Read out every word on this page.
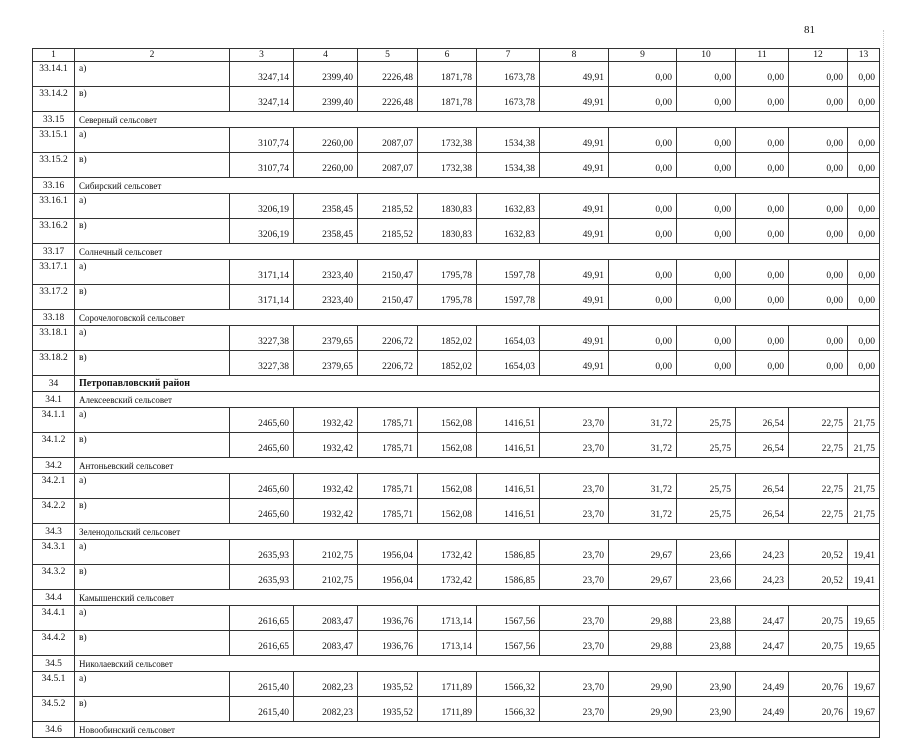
81
1	2	3	4	5	6	7	8	9	10	11	12	13
33.14.1	а)	3247,14	2399,40	2226,48	1871,78	1673,78	49,91	0,00	0,00	0,00	0,00	0,00
33.14.2	в)	3247,14	2399,40	2226,48	1871,78	1673,78	49,91	0,00	0,00	0,00	0,00	0,00
33.15	Северный сельсовет											
33.15.1	а)	3107,74	2260,00	2087,07	1732,38	1534,38	49,91	0,00	0,00	0,00	0,00	0,00
33.15.2	в)	3107,74	2260,00	2087,07	1732,38	1534,38	49,91	0,00	0,00	0,00	0,00	0,00
33.16	Сибирский сельсовет											
33.16.1	а)	3206,19	2358,45	2185,52	1830,83	1632,83	49,91	0,00	0,00	0,00	0,00	0,00
33.16.2	в)	3206,19	2358,45	2185,52	1830,83	1632,83	49,91	0,00	0,00	0,00	0,00	0,00
33.17	Солнечный сельсовет											
33.17.1	а)	3171,14	2323,40	2150,47	1795,78	1597,78	49,91	0,00	0,00	0,00	0,00	0,00
33.17.2	в)	3171,14	2323,40	2150,47	1795,78	1597,78	49,91	0,00	0,00	0,00	0,00	0,00
33.18	Сорочелоговской сельсовет											
33.18.1	а)	3227,38	2379,65	2206,72	1852,02	1654,03	49,91	0,00	0,00	0,00	0,00	0,00
33.18.2	в)	3227,38	2379,65	2206,72	1852,02	1654,03	49,91	0,00	0,00	0,00	0,00	0,00
34	Петропавловский район											
34.1	Алексеевский сельсовет											
34.1.1	а)	2465,60	1932,42	1785,71	1562,08	1416,51	23,70	31,72	25,75	26,54	22,75	21,75
34.1.2	в)	2465,60	1932,42	1785,71	1562,08	1416,51	23,70	31,72	25,75	26,54	22,75	21,75
34.2	Антоньевский сельсовет											
34.2.1	а)	2465,60	1932,42	1785,71	1562,08	1416,51	23,70	31,72	25,75	26,54	22,75	21,75
34.2.2	в)	2465,60	1932,42	1785,71	1562,08	1416,51	23,70	31,72	25,75	26,54	22,75	21,75
34.3	Зеленодольский сельсовет											
34.3.1	а)	2635,93	2102,75	1956,04	1732,42	1586,85	23,70	29,67	23,66	24,23	20,52	19,41
34.3.2	в)	2635,93	2102,75	1956,04	1732,42	1586,85	23,70	29,67	23,66	24,23	20,52	19,41
34.4	Камышенский сельсовет											
34.4.1	а)	2616,65	2083,47	1936,76	1713,14	1567,56	23,70	29,88	23,88	24,47	20,75	19,65
34.4.2	в)	2616,65	2083,47	1936,76	1713,14	1567,56	23,70	29,88	23,88	24,47	20,75	19,65
34.5	Николаевский сельсовет											
34.5.1	а)	2615,40	2082,23	1935,52	1711,89	1566,32	23,70	29,90	23,90	24,49	20,76	19,67
34.5.2	в)	2615,40	2082,23	1935,52	1711,89	1566,32	23,70	29,90	23,90	24,49	20,76	19,67
34.6	Новообинский сельсовет											
